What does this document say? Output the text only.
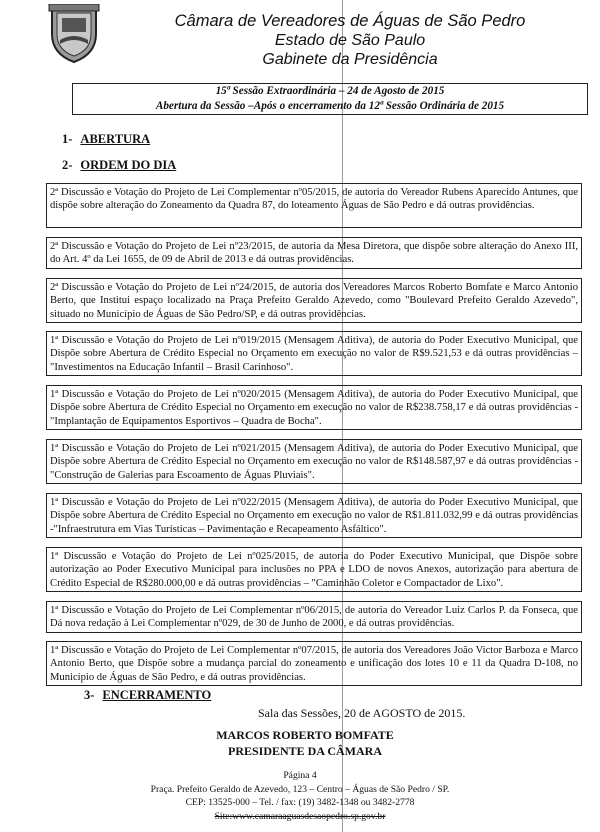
Câmara de Vereadores de Águas de São Pedro
Estado de São Paulo
Gabinete da Presidência
15ª Sessão Extraordinária – 24 de Agosto de 2015
Abertura da Sessão –Após o encerramento da 12ª Sessão Ordinária de 2015
1- ABERTURA
2- ORDEM DO DIA
2ª Discussão e Votação do Projeto de Lei Complementar nº05/2015, de autoria do Vereador Rubens Aparecido Antunes, que dispõe sobre alteração do Zoneamento da Quadra 87, do loteamento Águas de São Pedro e dá outras providências.
2ª Discussão e Votação do Projeto de Lei nº23/2015, de autoria da Mesa Diretora, que dispõe sobre alteração do Anexo III, do Art. 4º da Lei 1655, de 09 de Abril de 2013 e dá outras providências.
2ª Discussão e Votação do Projeto de Lei nº24/2015, de autoria dos Vereadores Marcos Roberto Bomfate e Marco Antonio Berto, que Institui espaço localizado na Praça Prefeito Geraldo Azevedo, como "Boulevard Prefeito Geraldo Azevedo", situado no Município de Águas de São Pedro/SP, e dá outras providências.
1ª Discussão e Votação do Projeto de Lei nº019/2015 (Mensagem Aditiva), de autoria do Poder Executivo Municipal, que Dispõe sobre Abertura de Crédito Especial no Orçamento em execução no valor de R$9.521,53 e dá outras providências – "Investimentos na Educação Infantil – Brasil Carinhoso".
1ª Discussão e Votação do Projeto de Lei nº020/2015 (Mensagem Aditiva), de autoria do Poder Executivo Municipal, que Dispõe sobre Abertura de Crédito Especial no Orçamento em execução no valor de R$238.758,17 e dá outras providências -"Implantação de Equipamentos Esportivos – Quadra de Bocha".
1ª Discussão e Votação do Projeto de Lei nº021/2015 (Mensagem Aditiva), de autoria do Poder Executivo Municipal, que Dispõe sobre Abertura de Crédito Especial no Orçamento em execução no valor de R$148.587,97 e dá outras providências - "Construção de Galerias para Escoamento de Águas Pluviais".
1ª Discussão e Votação do Projeto de Lei nº022/2015 (Mensagem Aditiva), de autoria do Poder Executivo Municipal, que Dispõe sobre Abertura de Crédito Especial no Orçamento em execução no valor de R$1.811.032,99 e dá outras providências -"Infraestrutura em Vias Turísticas – Pavimentação e Recapeamento Asfáltico".
1ª Discussão e Votação do Projeto de Lei nº025/2015, de autoria do Poder Executivo Municipal, que Dispõe sobre autorização ao Poder Executivo Municipal para inclusões no PPA e LDO de novos Anexos, autorização para abertura de Crédito Especial de R$280.000,00 e dá outras providências – "Caminhão Coletor e Compactador de Lixo".
1ª Discussão e Votação do Projeto de Lei Complementar nº06/2015, de autoria do Vereador Luiz Carlos P. da Fonseca, que Dá nova redação à Lei Complementar nº029, de 30 de Junho de 2000, e dá outras providências.
1ª Discussão e Votação do Projeto de Lei Complementar nº07/2015, de autoria dos Vereadores João Victor Barboza e Marco Antonio Berto, que Dispõe sobre a mudança parcial do zoneamento e unificação dos lotes 10 e 11 da Quadra D-108, no Município de Águas de São Pedro, e dá outras providências.
3- ENCERRAMENTO
Sala das Sessões, 20 de AGOSTO de 2015.
MARCOS ROBERTO BOMFATE
PRESIDENTE DA CÂMARA
Página 4
Praça. Prefeito Geraldo de Azevedo, 123 – Centro – Águas de São Pedro / SP.
CEP: 13525-000 – Tel. / fax: (19) 3482-1348 ou 3482-2778
Site:www.camaraaguasdesaopedro.sp.gov.br
